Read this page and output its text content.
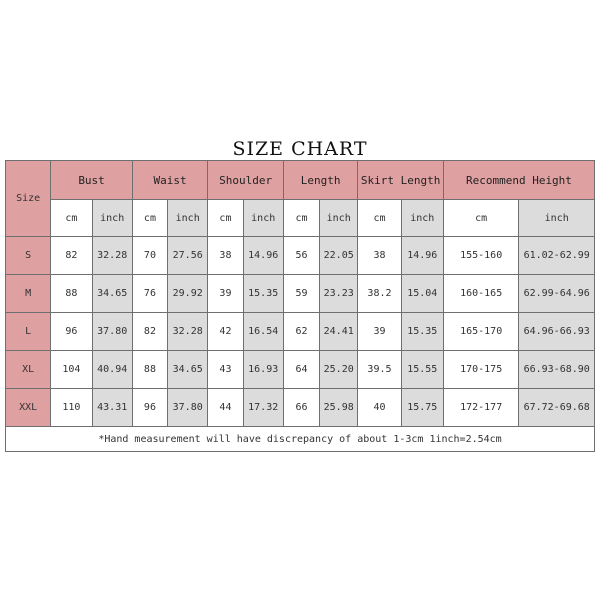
SIZE CHART
Size	Bust		Waist		Shoulder		Length		Skirt Length		Recommend Height	
	cm	inch	cm	inch	cm	inch	cm	inch	cm	inch	cm	inch
S	82	32.28	70	27.56	38	14.96	56	22.05	38	14.96	155-160	61.02-62.99
M	88	34.65	76	29.92	39	15.35	59	23.23	38.2	15.04	160-165	62.99-64.96
L	96	37.80	82	32.28	42	16.54	62	24.41	39	15.35	165-170	64.96-66.93
XL	104	40.94	88	34.65	43	16.93	64	25.20	39.5	15.55	170-175	66.93-68.90
XXL	110	43.31	96	37.80	44	17.32	66	25.98	40	15.75	172-177	67.72-69.68
*Hand measurement will have discrepancy of about 1-3cm 1inch=2.54cm												
